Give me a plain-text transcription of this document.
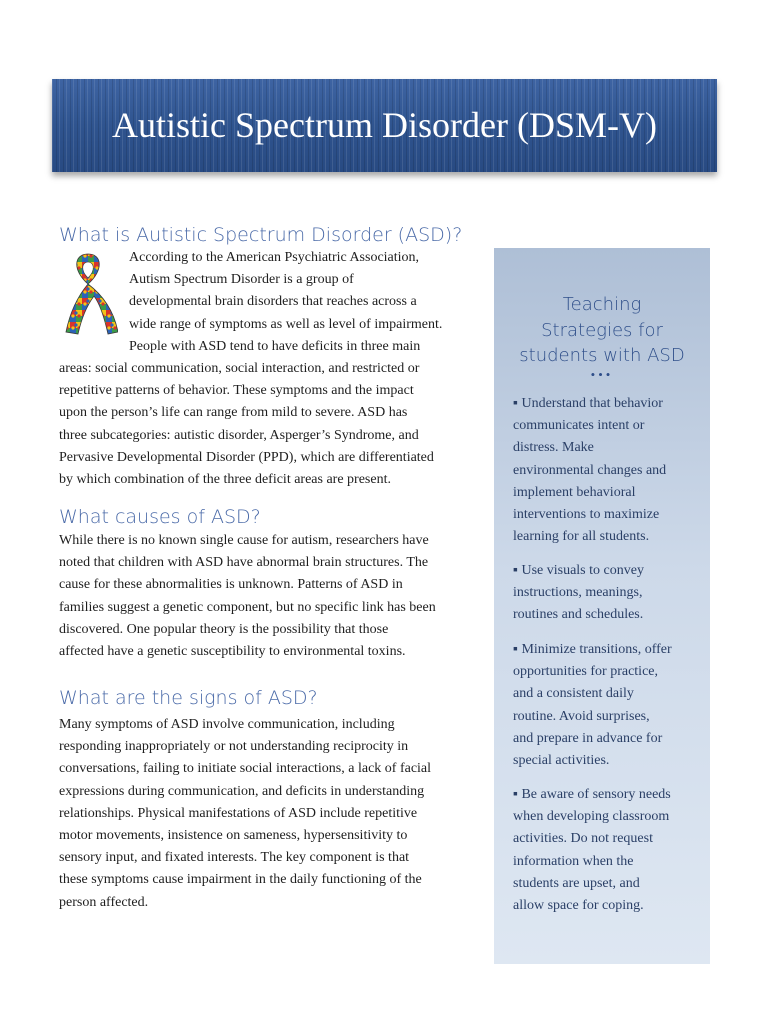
Autistic Spectrum Disorder (DSM-V)
What is Autistic Spectrum Disorder (ASD)?
According to the American Psychiatric Association,
Autism Spectrum Disorder is a group of
developmental brain disorders that reaches across a
wide range of symptoms as well as level of impairment.
People with ASD tend to have deficits in three main
areas: social communication, social interaction, and restricted or
repetitive patterns of behavior. These symptoms and the impact
upon the person’s life can range from mild to severe. ASD has
three subcategories: autistic disorder, Asperger’s Syndrome, and
Pervasive Developmental Disorder (PPD), which are differentiated
by which combination of the three deficit areas are present.
What causes of ASD?
While there is no known single cause for autism, researchers have
noted that children with ASD have abnormal brain structures. The
cause for these abnormalities is unknown. Patterns of ASD in
families suggest a genetic component, but no specific link has been
discovered. One popular theory is the possibility that those
affected have a genetic susceptibility to environmental toxins.
What are the signs of ASD?
Many symptoms of ASD involve communication, including
responding inappropriately or not understanding reciprocity in
conversations, failing to initiate social interactions, a lack of facial
expressions during communication, and deficits in understanding
relationships. Physical manifestations of ASD include repetitive
motor movements, insistence on sameness, hypersensitivity to
sensory input, and fixated interests. The key component is that
these symptoms cause impairment in the daily functioning of the
person affected.
Teaching
Strategies for
students with ASD
•••

▪ Understand that behavior
communicates intent or
distress. Make
environmental changes and
implement behavioral
interventions to maximize
learning for all students.

▪ Use visuals to convey
instructions, meanings,
routines and schedules.

▪ Minimize transitions, offer
opportunities for practice,
and a consistent daily
routine. Avoid surprises,
and prepare in advance for
special activities.

▪ Be aware of sensory needs
when developing classroom
activities. Do not request
information when the
students are upset, and
allow space for coping.
